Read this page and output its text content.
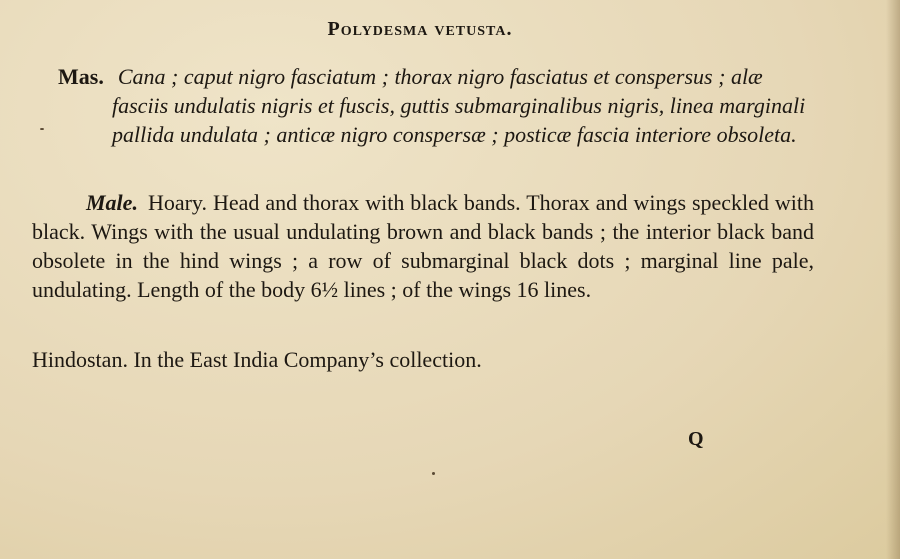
Polydesma vetusta.
Mas. Cana ; caput nigro fasciatum ; thorax nigro fasciatus et conspersus ; alæ fasciis undulatis nigris et fuscis, guttis submarginalibus nigris, linea marginali pallida undulata ; anticæ nigro conspersæ ; posticæ fascia interiore obsoleta.
Male. Hoary. Head and thorax with black bands. Thorax and wings speckled with black. Wings with the usual undulating brown and black bands ; the interior black band obsolete in the hind wings ; a row of submarginal black dots ; marginal line pale, undulating. Length of the body 6½ lines ; of the wings 16 lines.
Hindostan. In the East India Company’s collection.
Q
